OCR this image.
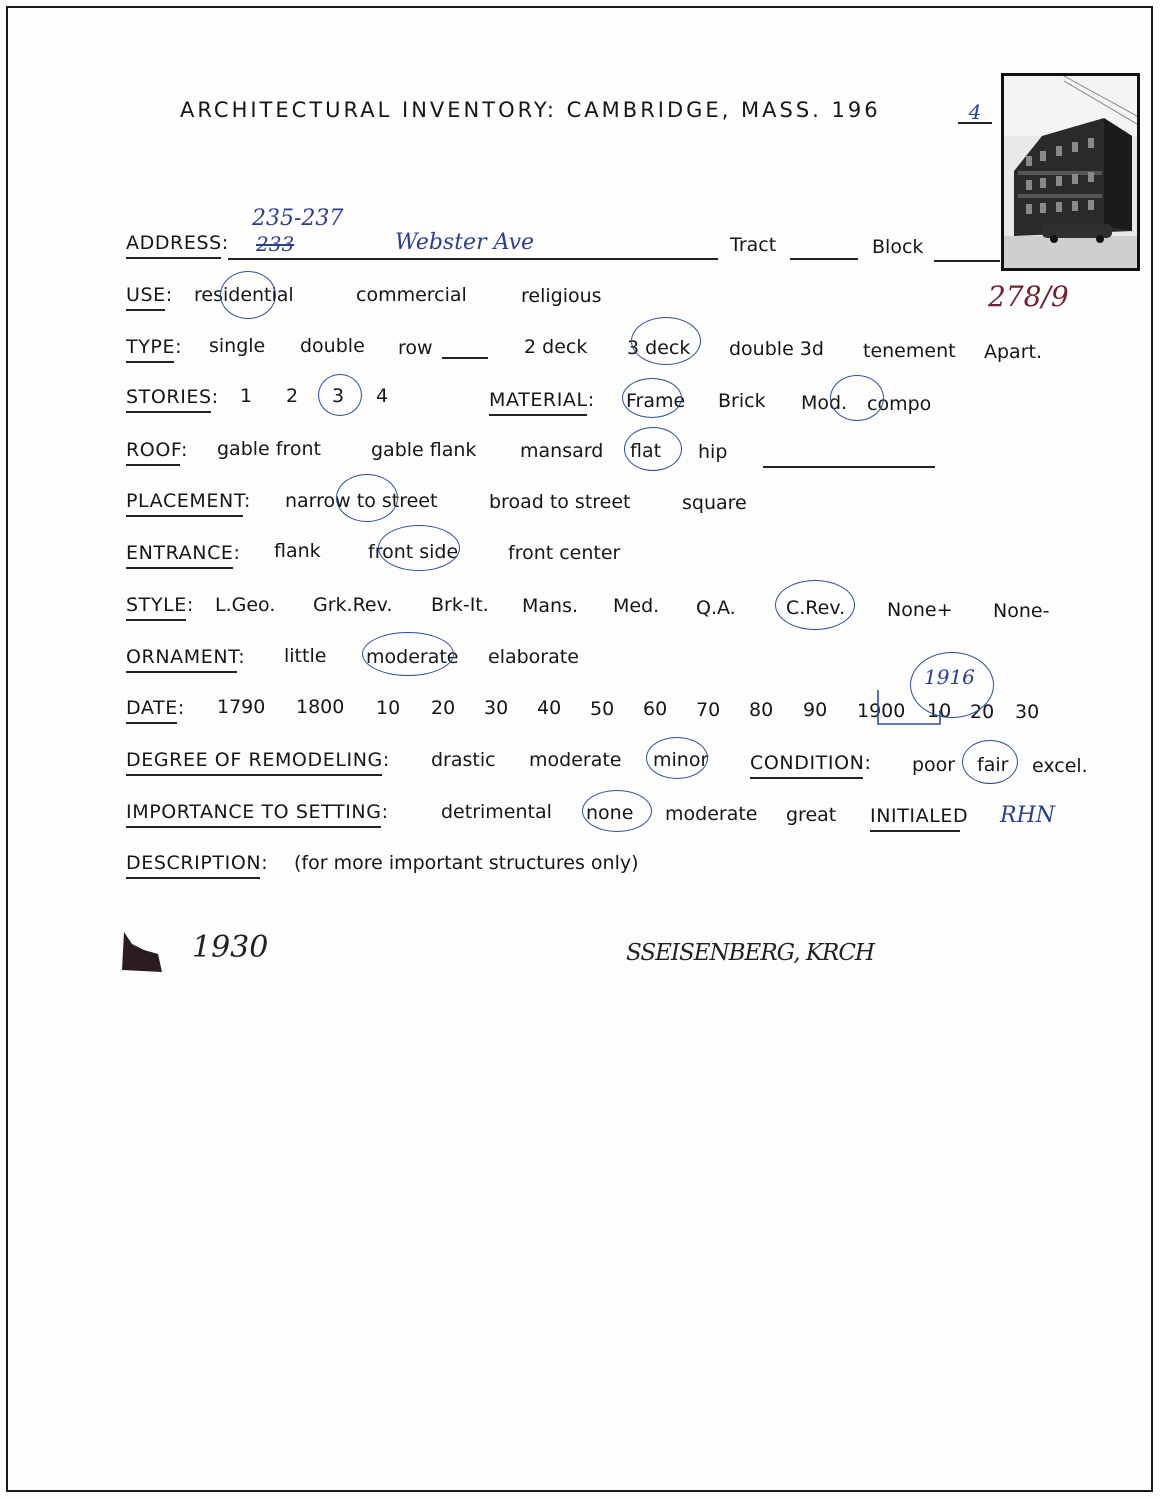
ARCHITECTURAL INVENTORY: CAMBRIDGE, MASS. 196	4
ADDRESS:
235-237
233	Webster Ave	Tract	Block
278/9
USE: residential	commercial	religious
TYPE: single double row	2 deck 3 deck double 3d tenement Apart.
STORIES: 1 2 3 4	MATERIAL: Frame Brick Mod. compo
ROOF: gable front	gable flank mansard flat hip
PLACEMENT: narrow to street	broad to street	square
ENTRANCE: flank front side	front center
STYLE: L.Geo. Grk.Rev. Brk-It. Mans. Med. Q.A.	C.Rev. None+ None-
ORNAMENT: little moderate elaborate
DATE: 1790 1800 10 20 30 40 50 60 70 80 90 1900 10 20 30
1916
DEGREE OF REMODELING: drastic moderate minor CONDITION: poor fair excel.
IMPORTANCE TO SETTING:	detrimental none moderate great INITIALED RHN
DESCRIPTION: (for more important structures only)
1930	SSEISENBERG, KRCH
